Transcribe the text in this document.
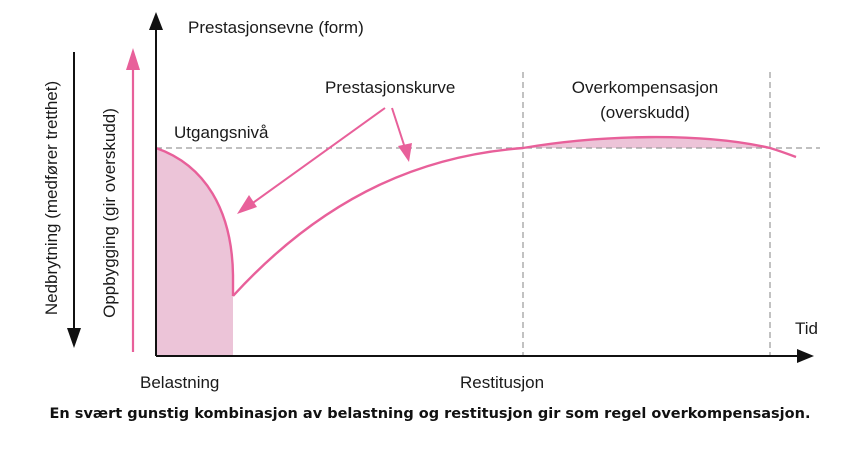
Prestasjonsevne (form)
Tid
Utgangsnivå
Prestasjonskurve	Overkompensasjon
(overskudd)
Belastning	Restitusjon
Nedbrytning (medfører tretthet) Oppbygging (gir overskudd)
En svært gunstig kombinasjon av belastning og restitusjon gir som regel overkompensasjon.
